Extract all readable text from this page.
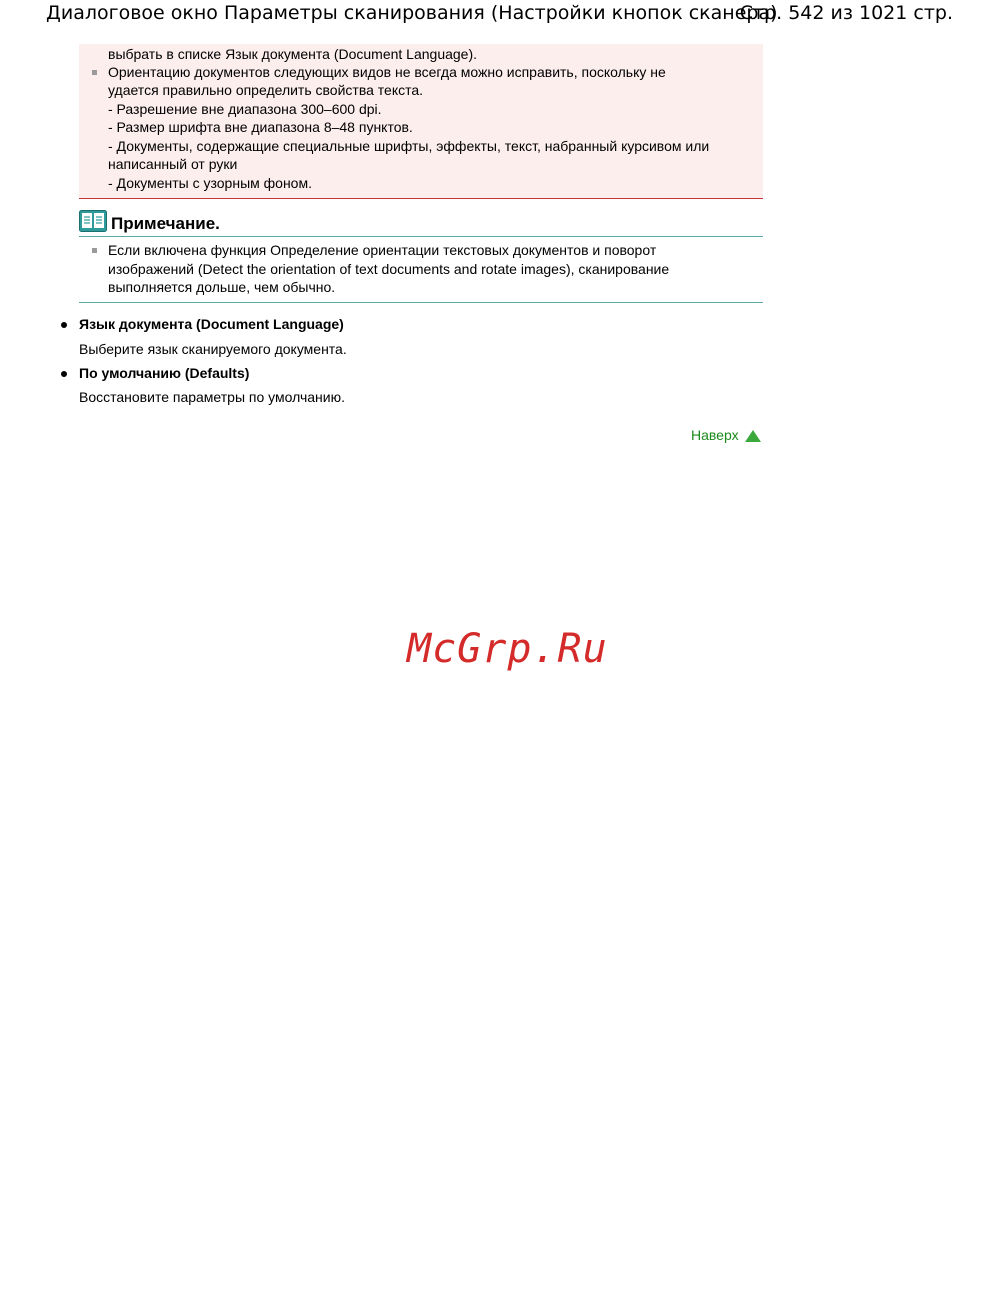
Диалоговое окно Параметры сканирования (Настройки кнопок сканера)
Стр. 542 из 1021 стр.
выбрать в списке Язык документа (Document Language).
Ориентацию документов следующих видов не всегда можно исправить, поскольку не
удается правильно определить свойства текста.
- Разрешение вне диапазона 300–600 dpi.
- Размер шрифта вне диапазона 8–48 пунктов.
- Документы, содержащие специальные шрифты, эффекты, текст, набранный курсивом или
написанный от руки
- Документы с узорным фоном.
Примечание.
Если включена функция Определение ориентации текстовых документов и поворот
изображений (Detect the orientation of text documents and rotate images), сканирование
выполняется дольше, чем обычно.
Язык документа (Document Language)
Выберите язык сканируемого документа.
По умолчанию (Defaults)
Восстановите параметры по умолчанию.
Наверх
McGrp.Ru
